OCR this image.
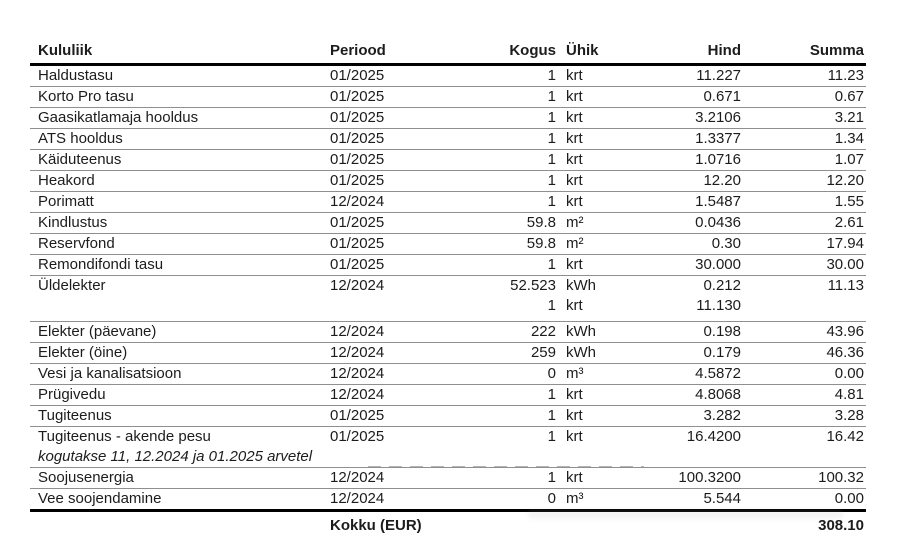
Kululiik	Periood	Kogus	Ühik	Hind	Summa
Haldustasu	01/2025	1	krt	11.227	11.23
Korto Pro tasu	01/2025	1	krt	0.671	0.67
Gaasikatlamaja hooldus	01/2025	1	krt	3.2106	3.21
ATS hooldus	01/2025	1	krt	1.3377	1.34
Käiduteenus	01/2025	1	krt	1.0716	1.07
Heakord	01/2025	1	krt	12.20	12.20
Porimatt	12/2024	1	krt	1.5487	1.55
Kindlustus	01/2025	59.8	m²	0.0436	2.61
Reservfond	01/2025	59.8	m²	0.30	17.94
Remondifondi tasu	01/2025	1	krt	30.000	30.00
Üldelekter	12/2024	52.523	kWh	0.212	11.13
		1	krt	11.130	
Elekter (päevane)	12/2024	222	kWh	0.198	43.96
Elekter (öine)	12/2024	259	kWh	0.179	46.36
Vesi ja kanalisatsioon	12/2024	0	m³	4.5872	0.00
Prügivedu	12/2024	1	krt	4.8068	4.81
Tugiteenus	01/2025	1	krt	3.282	3.28
Tugiteenus - akende pesu	01/2025	1	krt	16.4200	16.42
kogutakse 11, 12.2024 ja 01.2025 arvetel					

Soojusenergia	12/2024	1	krt	100.3200	100.32
Vee soojendamine	12/2024	0	m³	5.544	0.00
	Kokku (EUR)				308.10
